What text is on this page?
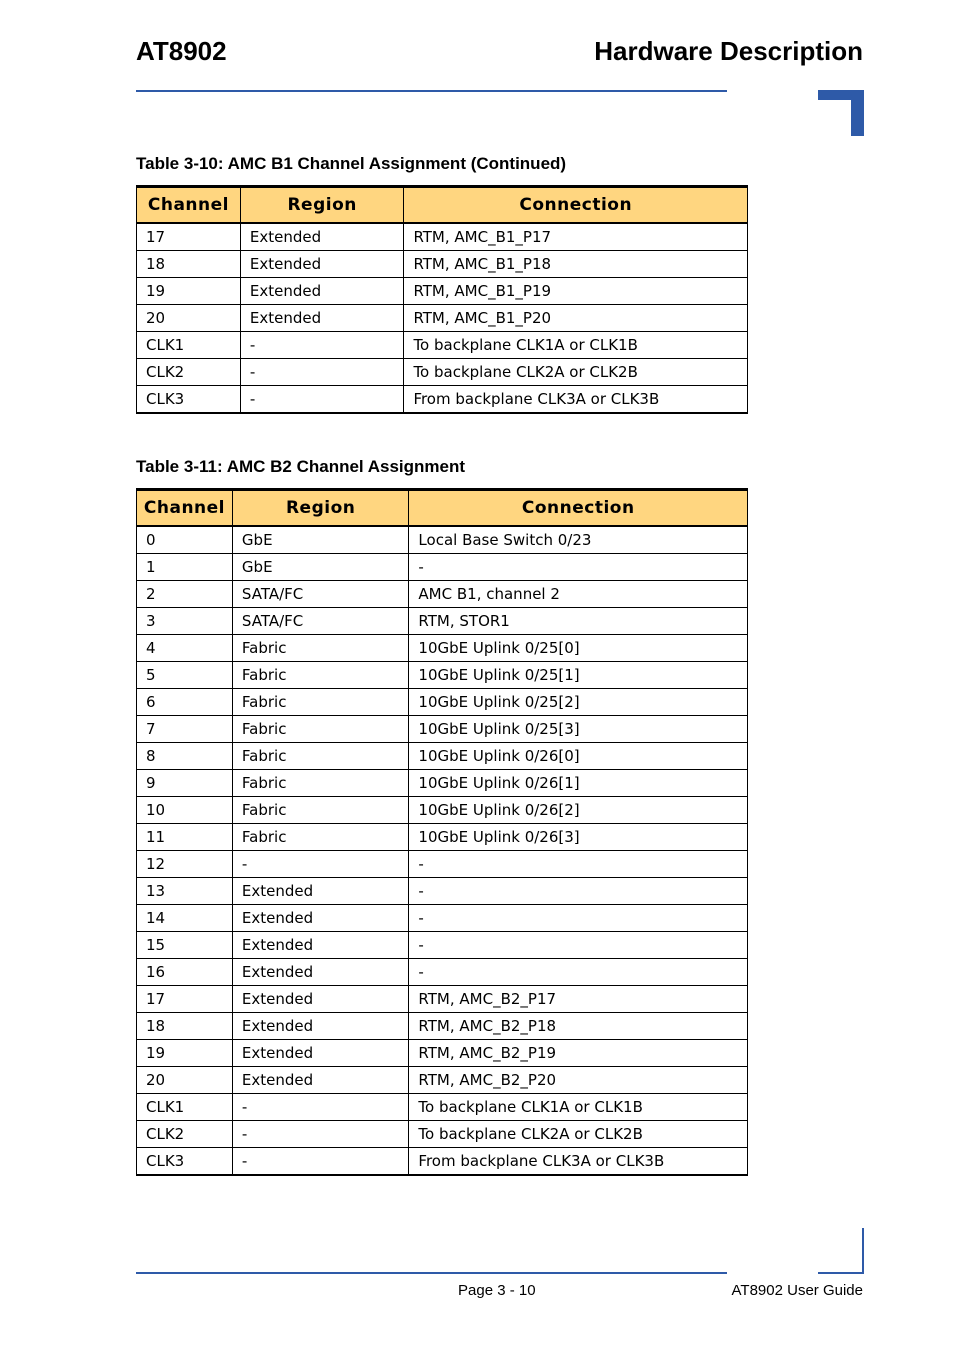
AT8902	Hardware Description

Table 3-10: AMC B1 Channel Assignment (Continued)

Channel	Region	Connection
17	Extended	RTM, AMC_B1_P17
18	Extended	RTM, AMC_B1_P18
19	Extended	RTM, AMC_B1_P19
20	Extended	RTM, AMC_B1_P20
CLK1	-	To backplane CLK1A or CLK1B
CLK2	-	To backplane CLK2A or CLK2B
CLK3	-	From backplane CLK3A or CLK3B

Table 3-11: AMC B2 Channel Assignment

Channel	Region	Connection
0	GbE	Local Base Switch 0/23
1	GbE	-
2	SATA/FC	AMC B1, channel 2
3	SATA/FC	RTM, STOR1
4	Fabric	10GbE Uplink 0/25[0]
5	Fabric	10GbE Uplink 0/25[1]
6	Fabric	10GbE Uplink 0/25[2]
7	Fabric	10GbE Uplink 0/25[3]
8	Fabric	10GbE Uplink 0/26[0]
9	Fabric	10GbE Uplink 0/26[1]
10	Fabric	10GbE Uplink 0/26[2]
11	Fabric	10GbE Uplink 0/26[3]
12	-	-
13	Extended	-
14	Extended	-
15	Extended	-
16	Extended	-
17	Extended	RTM, AMC_B2_P17
18	Extended	RTM, AMC_B2_P18
19	Extended	RTM, AMC_B2_P19
20	Extended	RTM, AMC_B2_P20
CLK1	-	To backplane CLK1A or CLK1B
CLK2	-	To backplane CLK2A or CLK2B
CLK3	-	From backplane CLK3A or CLK3B

Page 3 - 10	AT8902 User Guide
